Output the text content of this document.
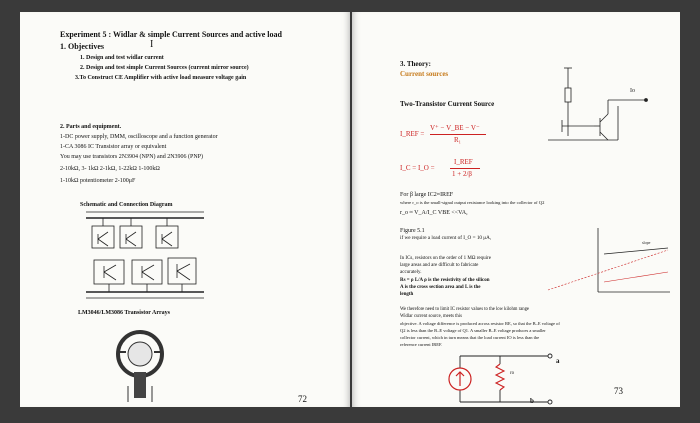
Experiment 5 : Widlar & simple Current Sources and active load
I
1. Objectives
1. Design and test widlar current
2. Design and test simple Current Sources (current mirror source)
3.To Construct CE Amplifier with active load measure voltage gain
2. Parts and equipment.
1-DC power supply, DMM, oscilloscope and a function generator
1-CA 3086 IC Transistor array or equivalent
You may use transistors 2N3904 (NPN) and 2N3906 (PNP)
2-10kΩ, 3- 1kΩ 2-1kΩ, 1-22kΩ 1-100kΩ
1-10kΩ potentiometer 2-100μF
Schematic and Connection Diagram
LM3046/LM3086 Transistor Arrays
72
3. Theory:
Current sources
Two-Transistor Current Source
Io
I_REF =
V⁺ − V_BE − V⁻
R₁
I_C = I_O =
I_REF
1 + 2/β
For β large IC2≈IREF
where r_o is the small-signal output resistance looking into the collector of Q2
r_o ≈ V_A/I_C VBE <<VA,
Figure 5.1
if we require a load current of I_O = 10 μA,
In ICs, resistors on the order of 1 MΩ require
large areas and are difficult to fabricate
accurately.
Rs = ρ L/A ρ is the resistivity of the silicon
A is the cross section area and L is the
length
slope
We therefore need to limit IC resistor values to the low kilohm range
Widlar current source, meets this
objective. A voltage difference is produced across resistor RE, so that the B–E voltage of
Q2 is less than the B–E voltage of Q1. A smaller B–E voltage produces a smaller
collector current, which in turn means that the load current IO is less than the
reference current IREF.
ro
a
b
73
